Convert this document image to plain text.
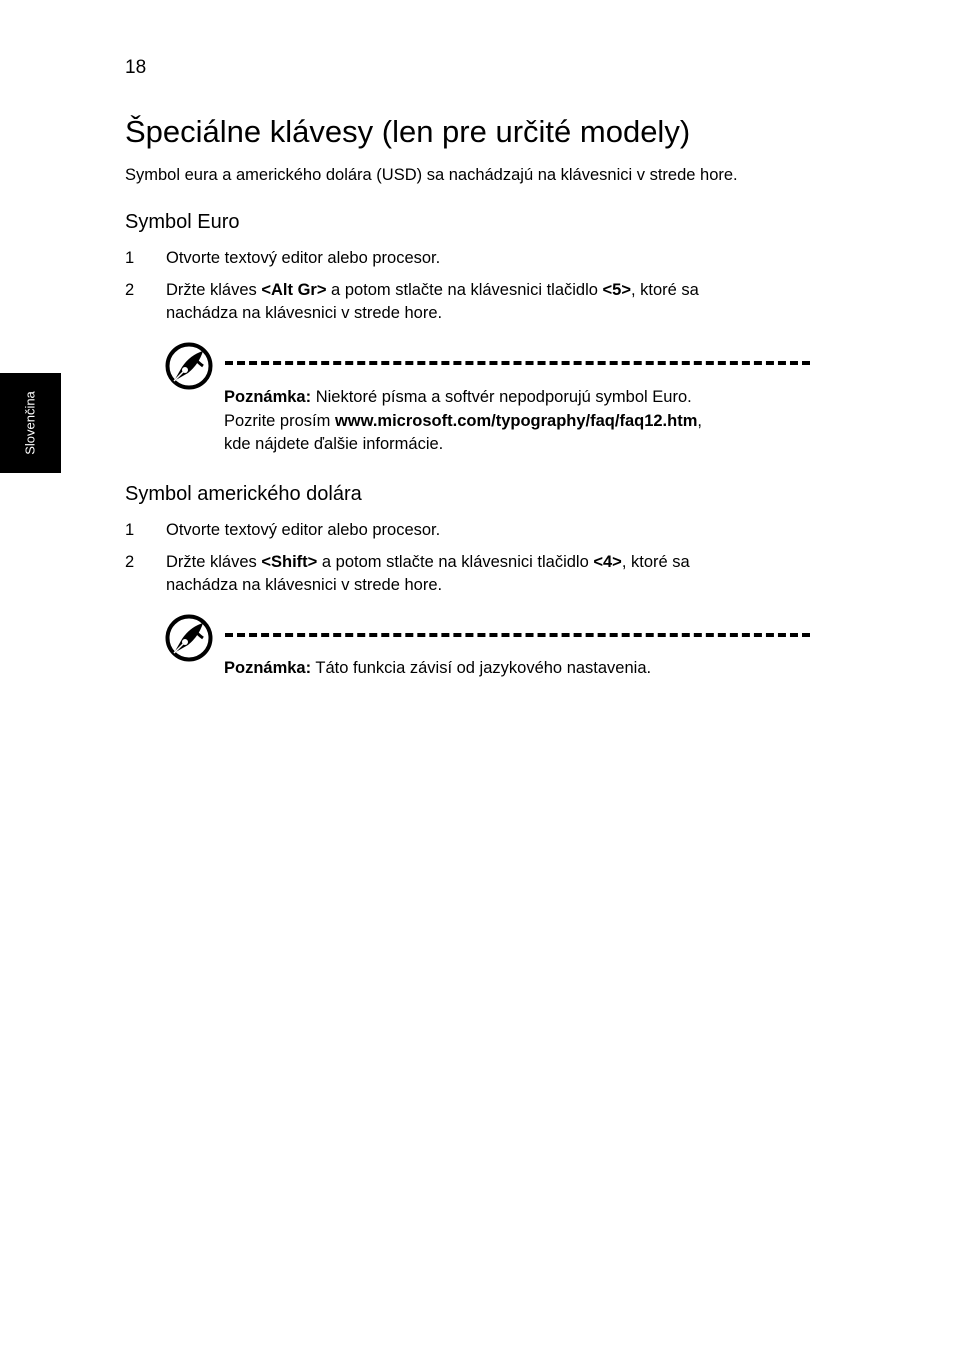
18
Slovenčina
Špeciálne klávesy (len pre určité modely)
Symbol eura a amerického dolára (USD) sa nachádzajú na klávesnici v strede hore.
Symbol Euro
1 Otvorte textový editor alebo procesor.
2 Držte kláves <Alt Gr> a potom stlačte na klávesnici tlačidlo <5>, ktoré sa
nachádza na klávesnici v strede hore.
Poznámka: Niektoré písma a softvér nepodporujú symbol Euro.
Pozrite prosím www.microsoft.com/typography/faq/faq12.htm,
kde nájdete ďalšie informácie.
Symbol amerického dolára
1 Otvorte textový editor alebo procesor.
2 Držte kláves <Shift> a potom stlačte na klávesnici tlačidlo <4>, ktoré sa
nachádza na klávesnici v strede hore.
Poznámka: Táto funkcia závisí od jazykového nastavenia.
